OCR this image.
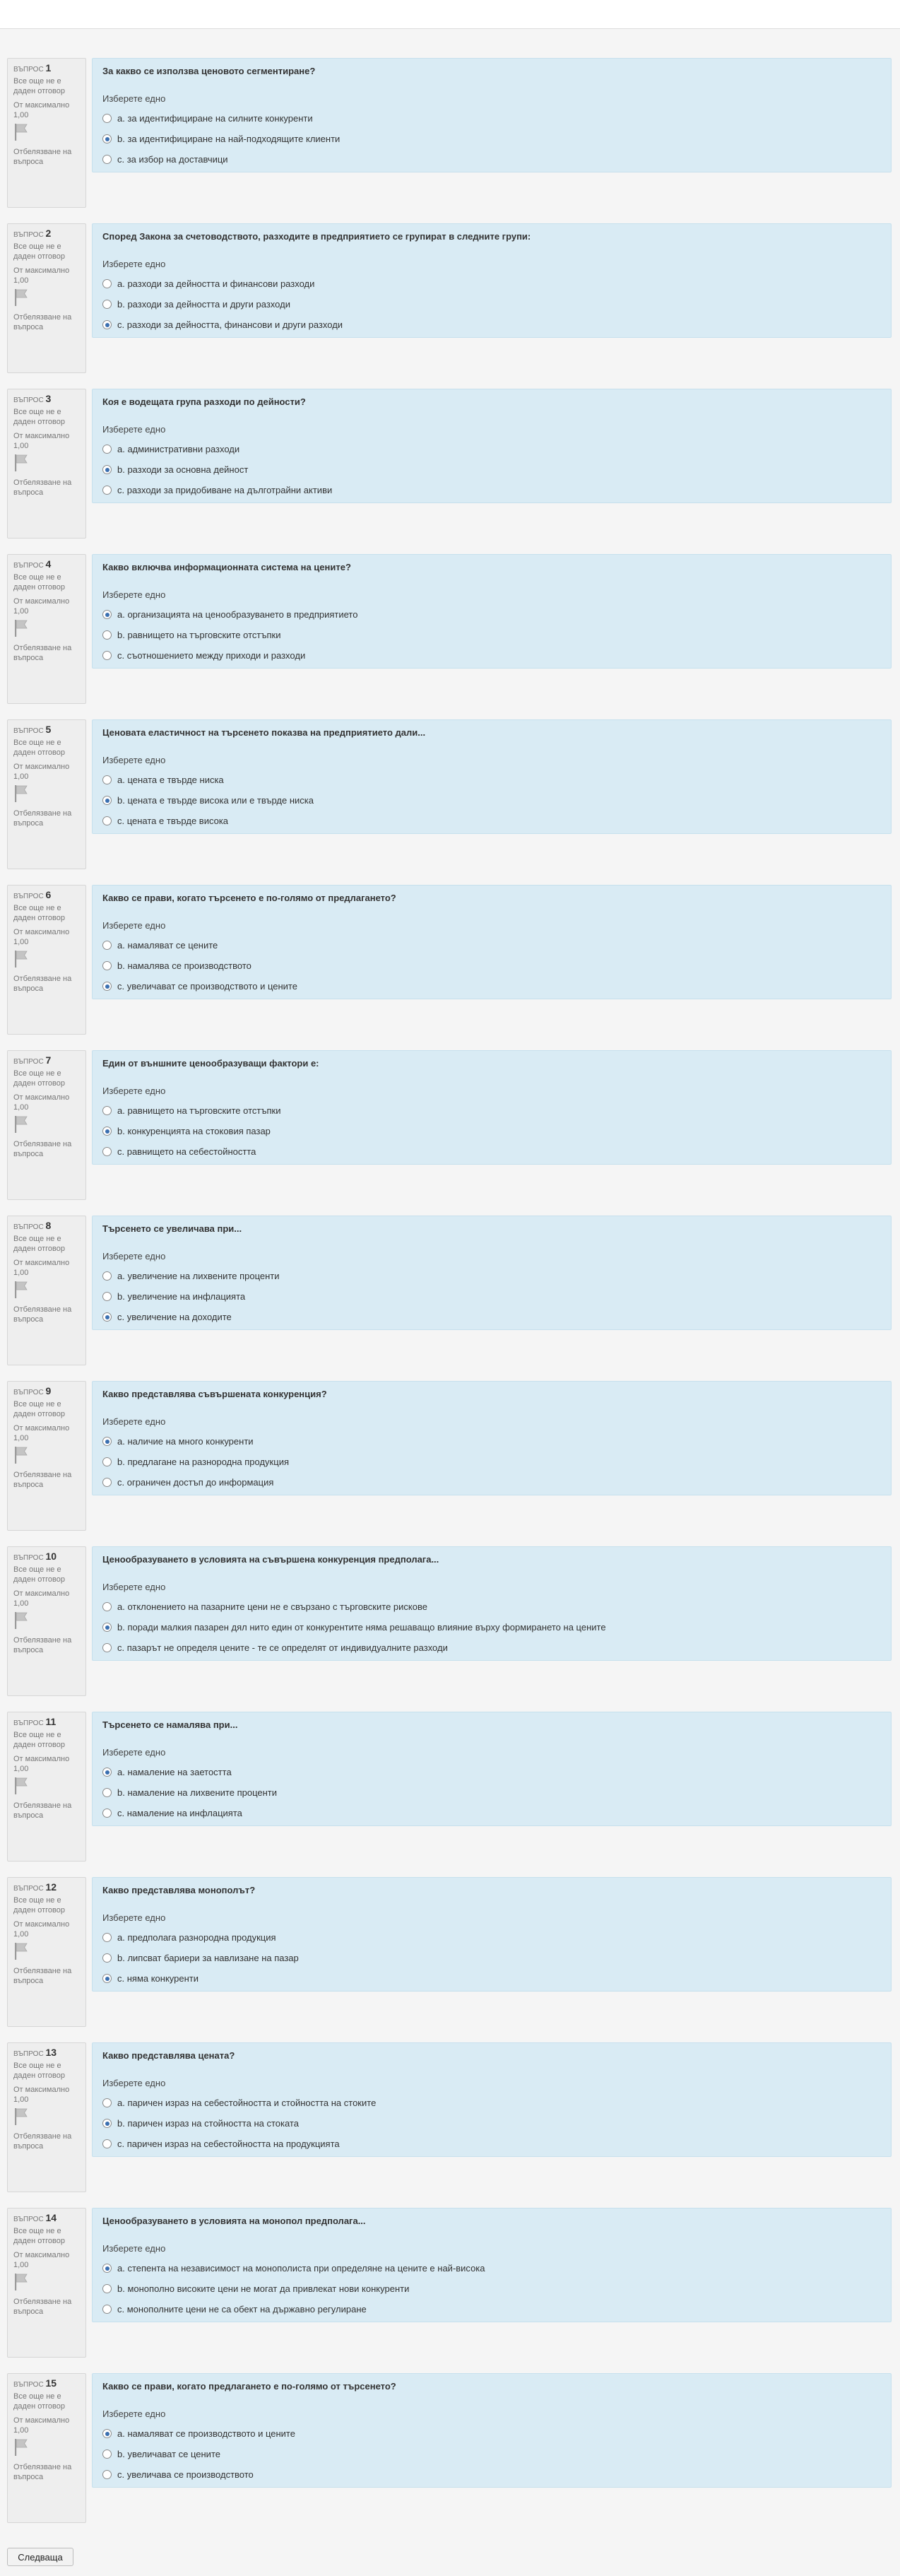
ВЪПРОС 1
Все още не е даден отговор
От максимално 1,00
Отбелязване на въпроса
За какво се използва ценовото сегментиране?
Изберете едно
a. за идентифициране на силните конкуренти
b. за идентифициране на най-подходящите клиенти
c. за избор на доставчици
ВЪПРОС 2
Все още не е даден отговор
От максимално 1,00
Отбелязване на въпроса
Според Закона за счетоводството, разходите в предприятието се групират в следните групи:
Изберете едно
a. разходи за дейността и финансови разходи
b. разходи за дейността и други разходи
c. разходи за дейността, финансови и други разходи
ВЪПРОС 3
Все още не е даден отговор
От максимално 1,00
Отбелязване на въпроса
Коя е водещата група разходи по дейности?
Изберете едно
a. административни разходи
b. разходи за основна дейност
c. разходи за придобиване на дълготрайни активи
ВЪПРОС 4
Все още не е даден отговор
От максимално 1,00
Отбелязване на въпроса
Какво включва информационната система на цените?
Изберете едно
a. организацията на ценообразуването в предприятието
b. равнището на търговските отстъпки
c. съотношението между приходи и разходи
ВЪПРОС 5
Все още не е даден отговор
От максимално 1,00
Отбелязване на въпроса
Ценовата еластичност на търсенето показва на предприятието дали...
Изберете едно
a. цената е твърде ниска
b. цената е твърде висока или е твърде ниска
c. цената е твърде висока
ВЪПРОС 6
Все още не е даден отговор
От максимално 1,00
Отбелязване на въпроса
Какво се прави, когато търсенето е по-голямо от предлагането?
Изберете едно
a. намаляват се цените
b. намалява се производството
c. увеличават се производството и цените
ВЪПРОС 7
Все още не е даден отговор
От максимално 1,00
Отбелязване на въпроса
Един от външните ценообразуващи фактори е:
Изберете едно
a. равнището на търговските отстъпки
b. конкуренцията на стоковия пазар
c. равнището на себестойността
ВЪПРОС 8
Все още не е даден отговор
От максимално 1,00
Отбелязване на въпроса
Търсенето се увеличава при...
Изберете едно
a. увеличение на лихвените проценти
b. увеличение на инфлацията
c. увеличение на доходите
ВЪПРОС 9
Все още не е даден отговор
От максимално 1,00
Отбелязване на въпроса
Какво представлява съвършената конкуренция?
Изберете едно
a. наличие на много конкуренти
b. предлагане на разнородна продукция
c. ограничен достъп до информация
ВЪПРОС 10
Все още не е даден отговор
От максимално 1,00
Отбелязване на въпроса
Ценообразуването в условията на съвършена конкуренция предполага...
Изберете едно
a. отклонението на пазарните цени не е свързано с търговските рискове
b. поради малкия пазарен дял нито един от конкурентите няма решаващо влияние върху формирането на цените
c. пазарът не определя цените - те се определят от индивидуалните разходи
ВЪПРОС 11
Все още не е даден отговор
От максимално 1,00
Отбелязване на въпроса
Търсенето се намалява при...
Изберете едно
a. намаление на заетостта
b. намаление на лихвените проценти
c. намаление на инфлацията
ВЪПРОС 12
Все още не е даден отговор
От максимално 1,00
Отбелязване на въпроса
Какво представлява монополът?
Изберете едно
a. предполага разнородна продукция
b. липсват бариери за навлизане на пазар
c. няма конкуренти
ВЪПРОС 13
Все още не е даден отговор
От максимално 1,00
Отбелязване на въпроса
Какво представлява цената?
Изберете едно
a. паричен израз на себестойността и стойността на стоките
b. паричен израз на стойността на стоката
c. паричен израз на себестойността на продукцията
ВЪПРОС 14
Все още не е даден отговор
От максимално 1,00
Отбелязване на въпроса
Ценообразуването в условията на монопол предполага...
Изберете едно
a. степента на независимост на монополиста при определяне на цените е най-висока
b. монополно високите цени не могат да привлекат нови конкуренти
c. монополните цени не са обект на държавно регулиране
ВЪПРОС 15
Все още не е даден отговор
От максимално 1,00
Отбелязване на въпроса
Какво се прави, когато предлагането е по-голямо от търсенето?
Изберете едно
a. намаляват се производството и цените
b. увеличават се цените
c. увеличава се производството
Следваща
